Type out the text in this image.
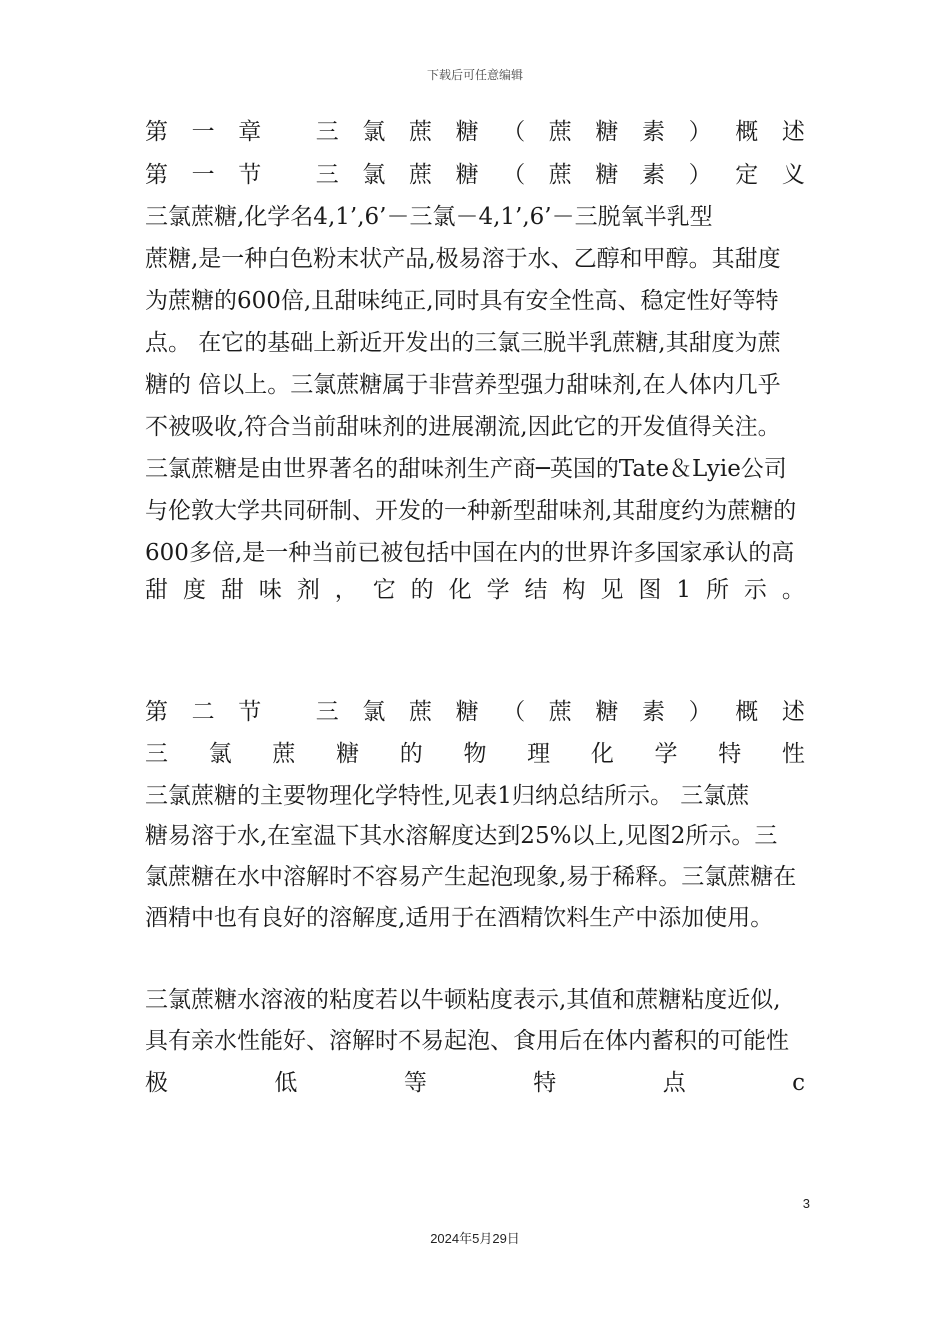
下载后可任意编辑
第 一 章
三 氯 蔗 糖 （ 蔗 糖 素 ） 概 述
第 一 节
三 氯 蔗 糖 （ 蔗 糖 素 ） 定 义
三氯蔗糖,化学名4,1’,6’－三氯－4,1’,6’－三脱氧半乳型
蔗糖,是一种白色粉末状产品,极易溶于水、乙醇和甲醇。其甜度
为蔗糖的600倍,且甜味纯正,同时具有安全性高、稳定性好等特
点。 在它的基础上新近开发出的三氯三脱半乳蔗糖,其甜度为蔗
糖的 倍以上。三氯蔗糖属于非营养型强力甜味剂,在人体内几乎
不被吸收,符合当前甜味剂的进展潮流,因此它的开发值得关注。
三氯蔗糖是由世界著名的甜味剂生产商─英国的Tate＆Lyie公司
与伦敦大学共同研制、开发的一种新型甜味剂,其甜度约为蔗糖的
600多倍,是一种当前已被包括中国在内的世界许多国家承认的高
甜 度 甜 味 剂 ， 它 的 化 学 结 构 见 图 1 所 示 。
第 二 节
三 氯 蔗 糖 （ 蔗 糖 素 ） 概 述
三 氯 蔗 糖 的 物 理 化 学 特 性
三氯蔗糖的主要物理化学特性,见表1归纳总结所示。 三氯蔗
糖易溶于水,在室温下其水溶解度达到25%以上,见图2所示。三
氯蔗糖在水中溶解时不容易产生起泡现象,易于稀释。三氯蔗糖在
酒精中也有良好的溶解度,适用于在酒精饮料生产中添加使用。
三氯蔗糖水溶液的粘度若以牛顿粘度表示,其值和蔗糖粘度近似,
具有亲水性能好、溶解时不易起泡、食用后在体内蓄积的可能性
极	低	等	特	点	c
3
2024年5月29日
